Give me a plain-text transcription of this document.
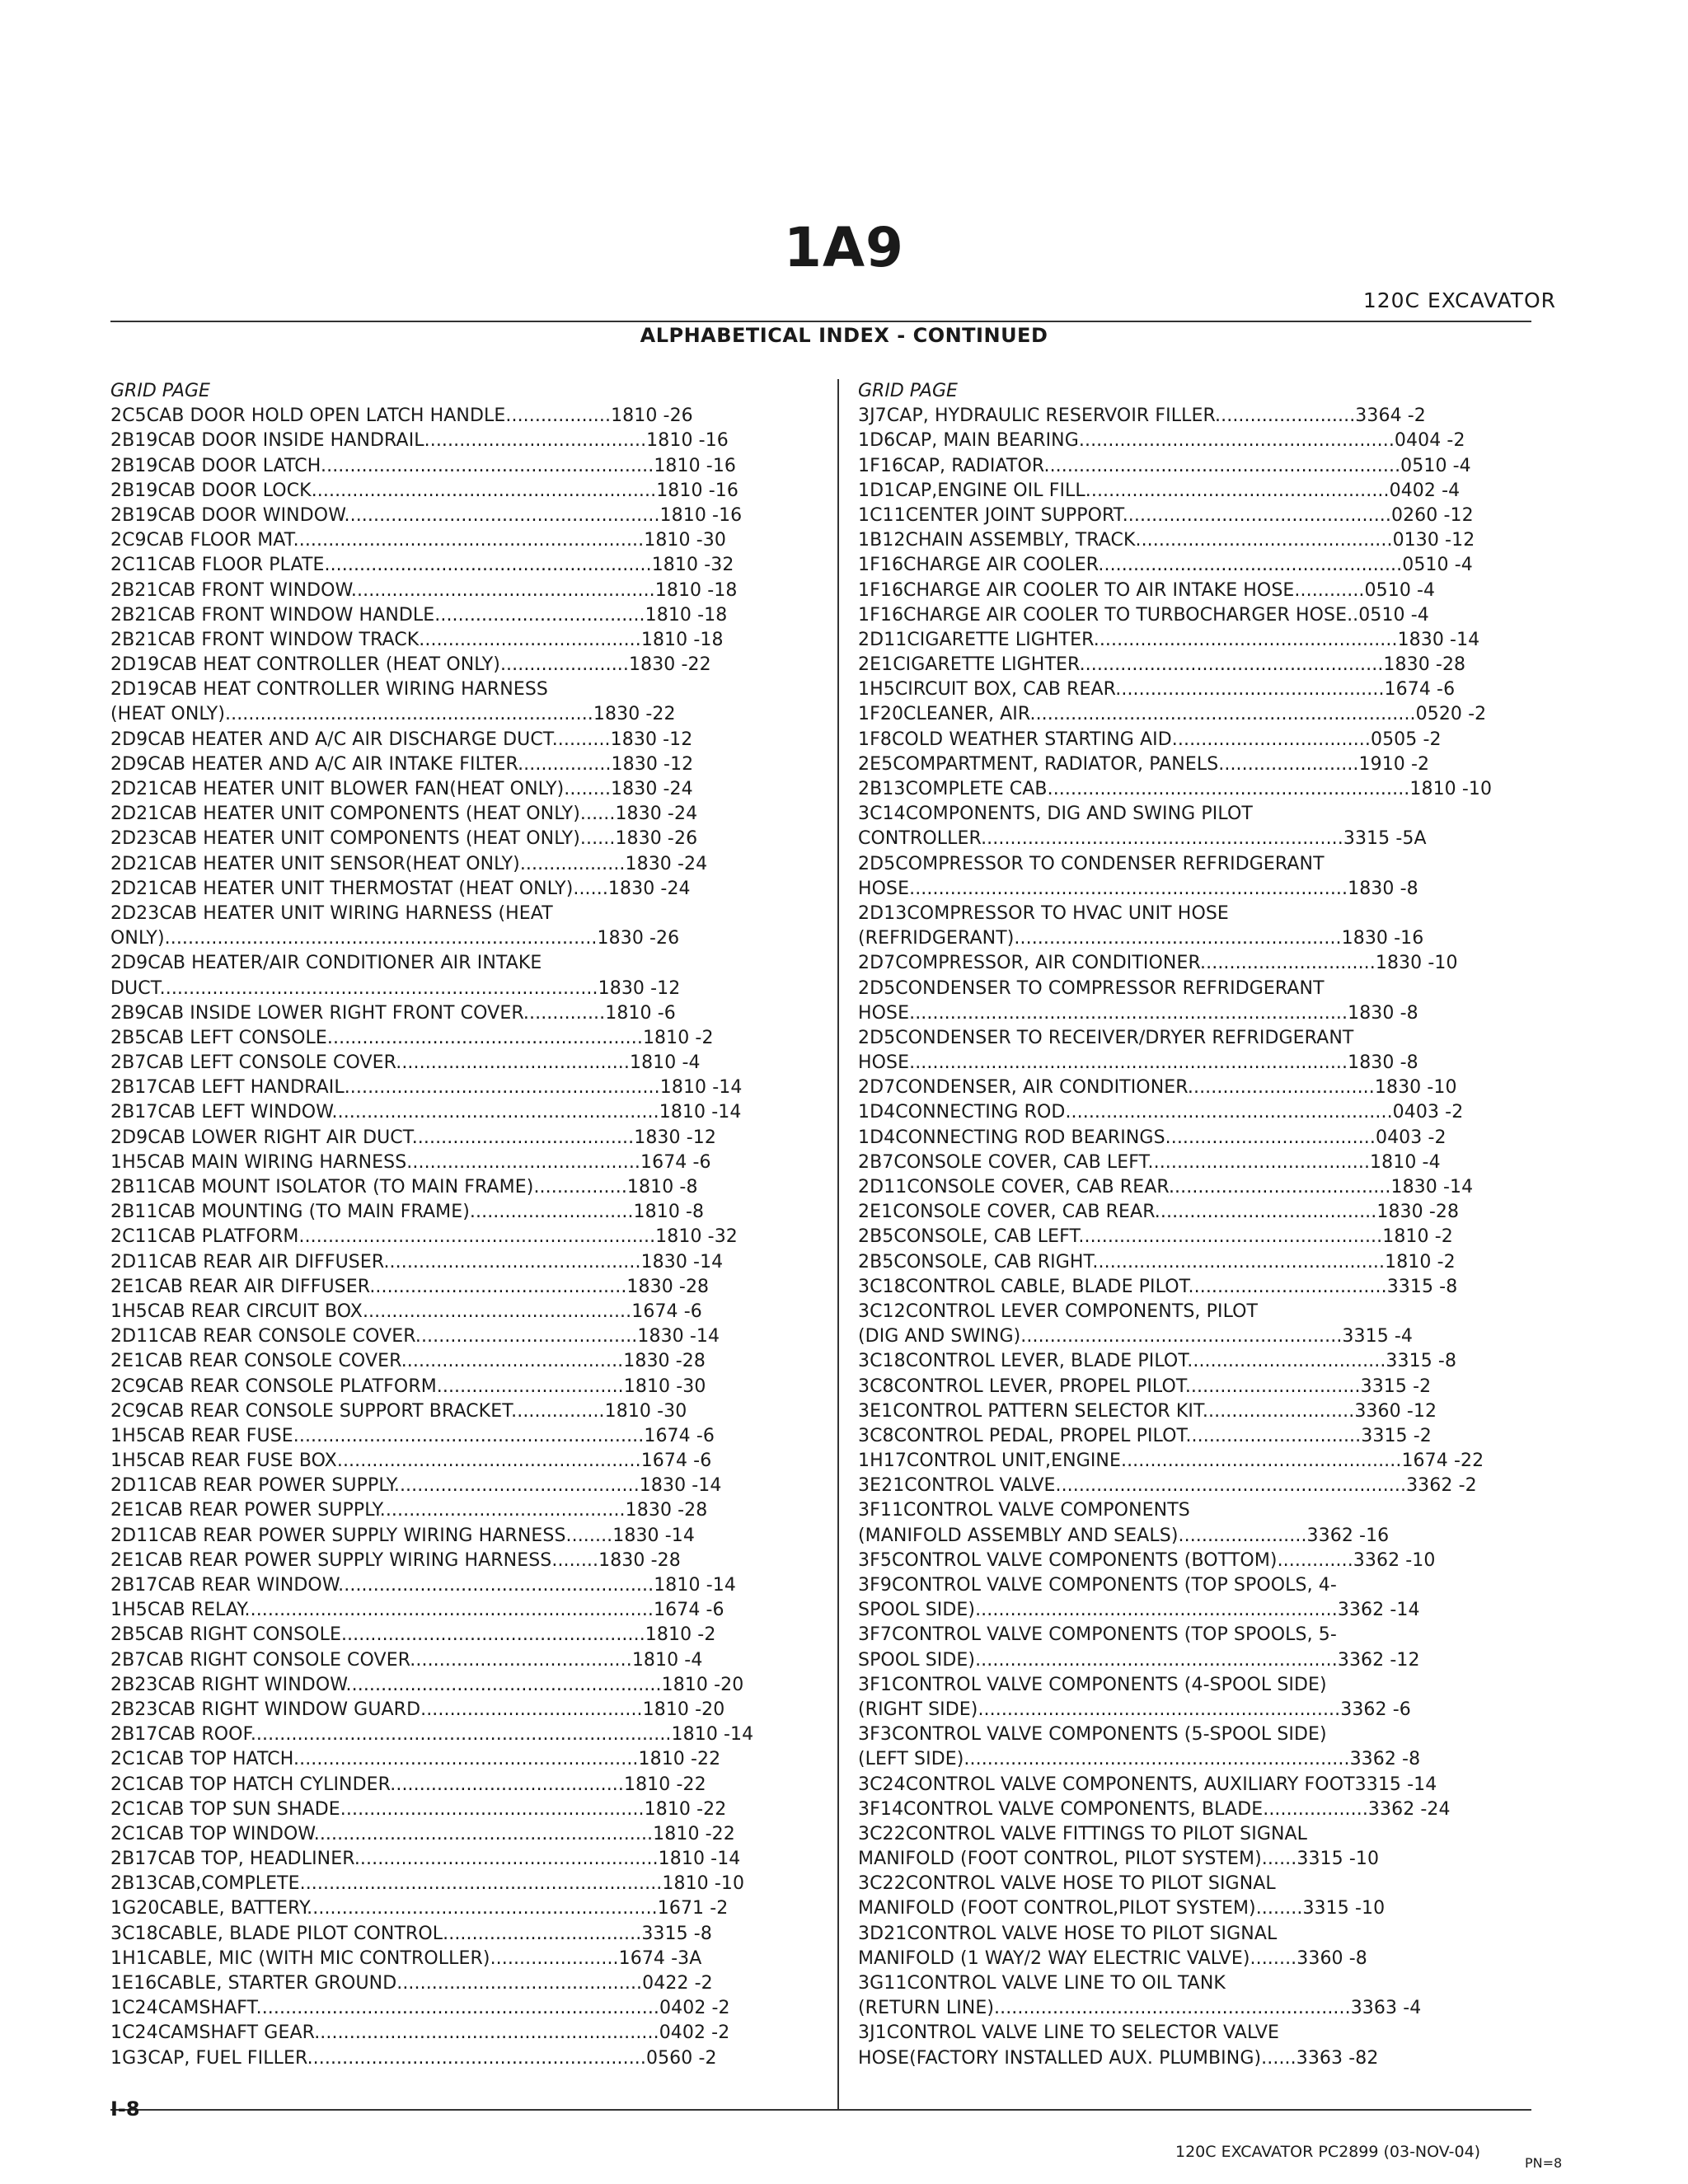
1A9
120C EXCAVATOR
ALPHABETICAL INDEX - CONTINUED
GRID PAGE
2C5CAB DOOR HOLD OPEN LATCH HANDLE..................1810 -26
2B19CAB DOOR INSIDE HANDRAIL......................................1810 -16
2B19CAB DOOR LATCH.........................................................1810 -16
2B19CAB DOOR LOCK...........................................................1810 -16
2B19CAB DOOR WINDOW......................................................1810 -16
2C9CAB FLOOR MAT............................................................1810 -30
2C11CAB FLOOR PLATE........................................................1810 -32
2B21CAB FRONT WINDOW....................................................1810 -18
2B21CAB FRONT WINDOW HANDLE....................................1810 -18
2B21CAB FRONT WINDOW TRACK......................................1810 -18
2D19CAB HEAT CONTROLLER (HEAT ONLY)......................1830 -22
2D19CAB HEAT CONTROLLER WIRING HARNESS
(HEAT ONLY)...............................................................1830 -22
2D9CAB HEATER AND A/C AIR DISCHARGE DUCT..........1830 -12
2D9CAB HEATER AND A/C AIR INTAKE FILTER................1830 -12
2D21CAB HEATER UNIT BLOWER FAN(HEAT ONLY)........1830 -24
2D21CAB HEATER UNIT COMPONENTS (HEAT ONLY)......1830 -24
2D23CAB HEATER UNIT COMPONENTS (HEAT ONLY)......1830 -26
2D21CAB HEATER UNIT SENSOR(HEAT ONLY)..................1830 -24
2D21CAB HEATER UNIT THERMOSTAT (HEAT ONLY)......1830 -24
2D23CAB HEATER UNIT WIRING HARNESS (HEAT
ONLY)..........................................................................1830 -26
2D9CAB HEATER/AIR CONDITIONER AIR INTAKE
DUCT...........................................................................1830 -12
2B9CAB INSIDE LOWER RIGHT FRONT COVER..............1810 -6
2B5CAB LEFT CONSOLE......................................................1810 -2
2B7CAB LEFT CONSOLE COVER........................................1810 -4
2B17CAB LEFT HANDRAIL......................................................1810 -14
2B17CAB LEFT WINDOW........................................................1810 -14
2D9CAB LOWER RIGHT AIR DUCT......................................1830 -12
1H5CAB MAIN WIRING HARNESS........................................1674 -6
2B11CAB MOUNT ISOLATOR (TO MAIN FRAME)................1810 -8
2B11CAB MOUNTING (TO MAIN FRAME)............................1810 -8
2C11CAB PLATFORM.............................................................1810 -32
2D11CAB REAR AIR DIFFUSER............................................1830 -14
2E1CAB REAR AIR DIFFUSER............................................1830 -28
1H5CAB REAR CIRCUIT BOX..............................................1674 -6
2D11CAB REAR CONSOLE COVER......................................1830 -14
2E1CAB REAR CONSOLE COVER......................................1830 -28
2C9CAB REAR CONSOLE PLATFORM................................1810 -30
2C9CAB REAR CONSOLE SUPPORT BRACKET................1810 -30
1H5CAB REAR FUSE............................................................1674 -6
1H5CAB REAR FUSE BOX....................................................1674 -6
2D11CAB REAR POWER SUPPLY..........................................1830 -14
2E1CAB REAR POWER SUPPLY..........................................1830 -28
2D11CAB REAR POWER SUPPLY WIRING HARNESS........1830 -14
2E1CAB REAR POWER SUPPLY WIRING HARNESS........1830 -28
2B17CAB REAR WINDOW......................................................1810 -14
1H5CAB RELAY......................................................................1674 -6
2B5CAB RIGHT CONSOLE....................................................1810 -2
2B7CAB RIGHT CONSOLE COVER......................................1810 -4
2B23CAB RIGHT WINDOW......................................................1810 -20
2B23CAB RIGHT WINDOW GUARD......................................1810 -20
2B17CAB ROOF........................................................................1810 -14
2C1CAB TOP HATCH...........................................................1810 -22
2C1CAB TOP HATCH CYLINDER........................................1810 -22
2C1CAB TOP SUN SHADE....................................................1810 -22
2C1CAB TOP WINDOW..........................................................1810 -22
2B17CAB TOP, HEADLINER....................................................1810 -14
2B13CAB,COMPLETE..............................................................1810 -10
1G20CABLE, BATTERY............................................................1671 -2
3C18CABLE, BLADE PILOT CONTROL..................................3315 -8
1H1CABLE, MIC (WITH MIC CONTROLLER)......................1674 -3A
1E16CABLE, STARTER GROUND..........................................0422 -2
1C24CAMSHAFT.....................................................................0402 -2
1C24CAMSHAFT GEAR...........................................................0402 -2
1G3CAP, FUEL FILLER..........................................................0560 -2
GRID PAGE
3J7CAP, HYDRAULIC RESERVOIR FILLER........................3364 -2
1D6CAP, MAIN BEARING......................................................0404 -2
1F16CAP, RADIATOR.............................................................0510 -4
1D1CAP,ENGINE OIL FILL....................................................0402 -4
1C11CENTER JOINT SUPPORT..............................................0260 -12
1B12CHAIN ASSEMBLY, TRACK............................................0130 -12
1F16CHARGE AIR COOLER....................................................0510 -4
1F16CHARGE AIR COOLER TO AIR INTAKE HOSE............0510 -4
1F16CHARGE AIR COOLER TO TURBOCHARGER HOSE..0510 -4
2D11CIGARETTE LIGHTER....................................................1830 -14
2E1CIGARETTE LIGHTER....................................................1830 -28
1H5CIRCUIT BOX, CAB REAR..............................................1674 -6
1F20CLEANER, AIR..................................................................0520 -2
1F8COLD WEATHER STARTING AID..................................0505 -2
2E5COMPARTMENT, RADIATOR, PANELS........................1910 -2
2B13COMPLETE CAB..............................................................1810 -10
3C14COMPONENTS, DIG AND SWING PILOT
CONTROLLER..............................................................3315 -5A
2D5COMPRESSOR TO CONDENSER REFRIDGERANT
HOSE...........................................................................1830 -8
2D13COMPRESSOR TO HVAC UNIT HOSE
(REFRIDGERANT)........................................................1830 -16
2D7COMPRESSOR, AIR CONDITIONER..............................1830 -10
2D5CONDENSER TO COMPRESSOR REFRIDGERANT
HOSE...........................................................................1830 -8
2D5CONDENSER TO RECEIVER/DRYER REFRIDGERANT
HOSE...........................................................................1830 -8
2D7CONDENSER, AIR CONDITIONER................................1830 -10
1D4CONNECTING ROD........................................................0403 -2
1D4CONNECTING ROD BEARINGS....................................0403 -2
2B7CONSOLE COVER, CAB LEFT......................................1810 -4
2D11CONSOLE COVER, CAB REAR......................................1830 -14
2E1CONSOLE COVER, CAB REAR......................................1830 -28
2B5CONSOLE, CAB LEFT....................................................1810 -2
2B5CONSOLE, CAB RIGHT..................................................1810 -2
3C18CONTROL CABLE, BLADE PILOT..................................3315 -8
3C12CONTROL LEVER COMPONENTS, PILOT
(DIG AND SWING).......................................................3315 -4
3C18CONTROL LEVER, BLADE PILOT..................................3315 -8
3C8CONTROL LEVER, PROPEL PILOT..............................3315 -2
3E1CONTROL PATTERN SELECTOR KIT..........................3360 -12
3C8CONTROL PEDAL, PROPEL PILOT..............................3315 -2
1H17CONTROL UNIT,ENGINE................................................1674 -22
3E21CONTROL VALVE............................................................3362 -2
3F11CONTROL VALVE COMPONENTS
(MANIFOLD ASSEMBLY AND SEALS)......................3362 -16
3F5CONTROL VALVE COMPONENTS (BOTTOM).............3362 -10
3F9CONTROL VALVE COMPONENTS (TOP SPOOLS, 4-
SPOOL SIDE)..............................................................3362 -14
3F7CONTROL VALVE COMPONENTS (TOP SPOOLS, 5-
SPOOL SIDE)..............................................................3362 -12
3F1CONTROL VALVE COMPONENTS (4-SPOOL SIDE)
(RIGHT SIDE)..............................................................3362 -6
3F3CONTROL VALVE COMPONENTS (5-SPOOL SIDE)
(LEFT SIDE)..................................................................3362 -8
3C24CONTROL VALVE COMPONENTS, AUXILIARY FOOT3315 -14
3F14CONTROL VALVE COMPONENTS, BLADE..................3362 -24
3C22CONTROL VALVE FITTINGS TO PILOT SIGNAL
MANIFOLD (FOOT CONTROL, PILOT SYSTEM)......3315 -10
3C22CONTROL VALVE HOSE TO PILOT SIGNAL
MANIFOLD (FOOT CONTROL,PILOT SYSTEM)........3315 -10
3D21CONTROL VALVE HOSE TO PILOT SIGNAL
MANIFOLD (1 WAY/2 WAY ELECTRIC VALVE)........3360 -8
3G11CONTROL VALVE LINE TO OIL TANK
(RETURN LINE).............................................................3363 -4
3J1CONTROL VALVE LINE TO SELECTOR VALVE
HOSE(FACTORY INSTALLED AUX. PLUMBING)......3363 -82
I-8
120C EXCAVATOR PC2899 (03-NOV-04)
PN=8
